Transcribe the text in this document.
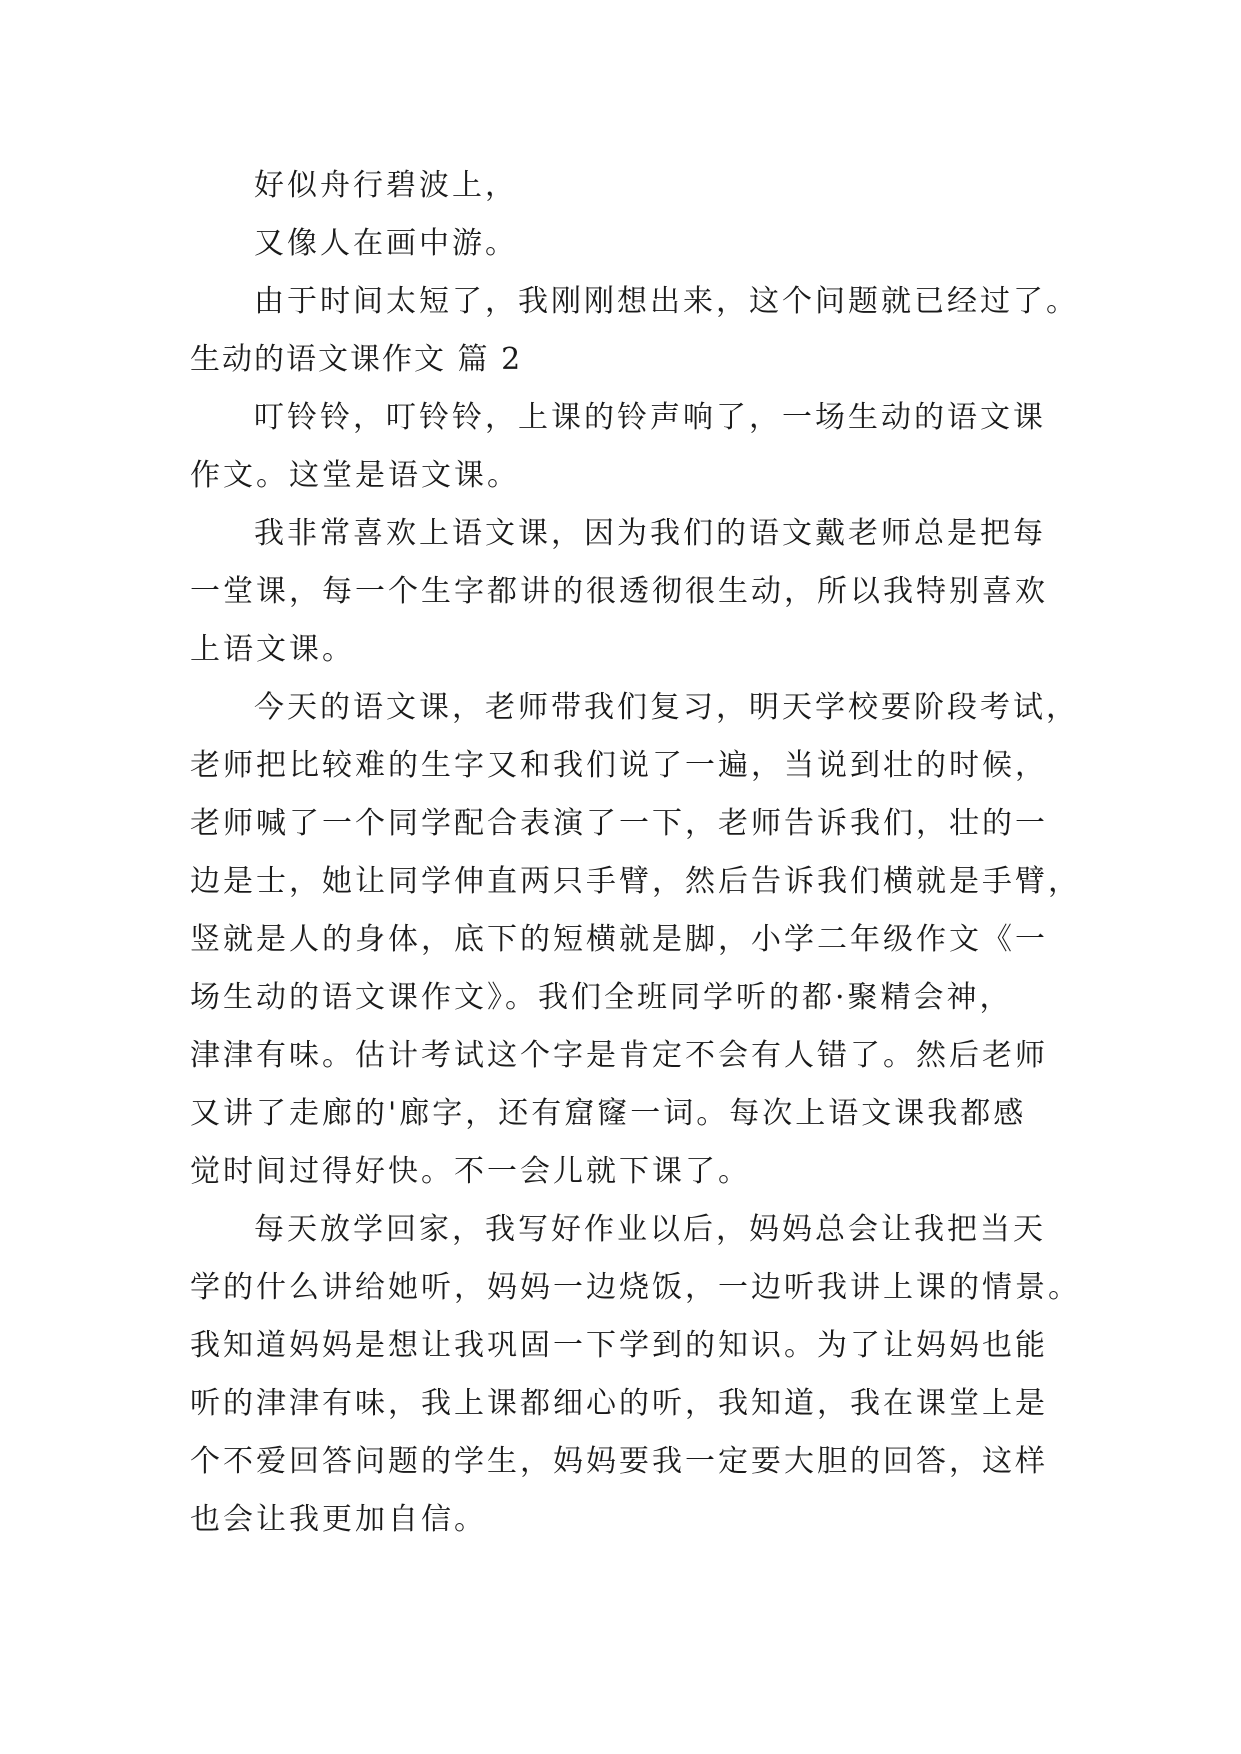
好似舟行碧波上，
又像人在画中游。
由于时间太短了，我刚刚想出来，这个问题就已经过了。
生动的语文课作文 篇 2
叮铃铃，叮铃铃，上课的铃声响了，一场生动的语文课
作文。这堂是语文课。
我非常喜欢上语文课，因为我们的语文戴老师总是把每
一堂课，每一个生字都讲的很透彻很生动，所以我特别喜欢
上语文课。
今天的语文课，老师带我们复习，明天学校要阶段考试，
老师把比较难的生字又和我们说了一遍，当说到壮的时候，
老师喊了一个同学配合表演了一下，老师告诉我们，壮的一
边是士，她让同学伸直两只手臂，然后告诉我们横就是手臂，
竖就是人的身体，底下的短横就是脚，小学二年级作文《一
场生动的语文课作文》。我们全班同学听的都·聚精会神，
津津有味。估计考试这个字是肯定不会有人错了。然后老师
又讲了走廊的'廊字，还有窟窿一词。每次上语文课我都感
觉时间过得好快。不一会儿就下课了。
每天放学回家，我写好作业以后，妈妈总会让我把当天
学的什么讲给她听，妈妈一边烧饭，一边听我讲上课的情景。
我知道妈妈是想让我巩固一下学到的知识。为了让妈妈也能
听的津津有味，我上课都细心的听，我知道，我在课堂上是
个不爱回答问题的学生，妈妈要我一定要大胆的回答，这样
也会让我更加自信。
